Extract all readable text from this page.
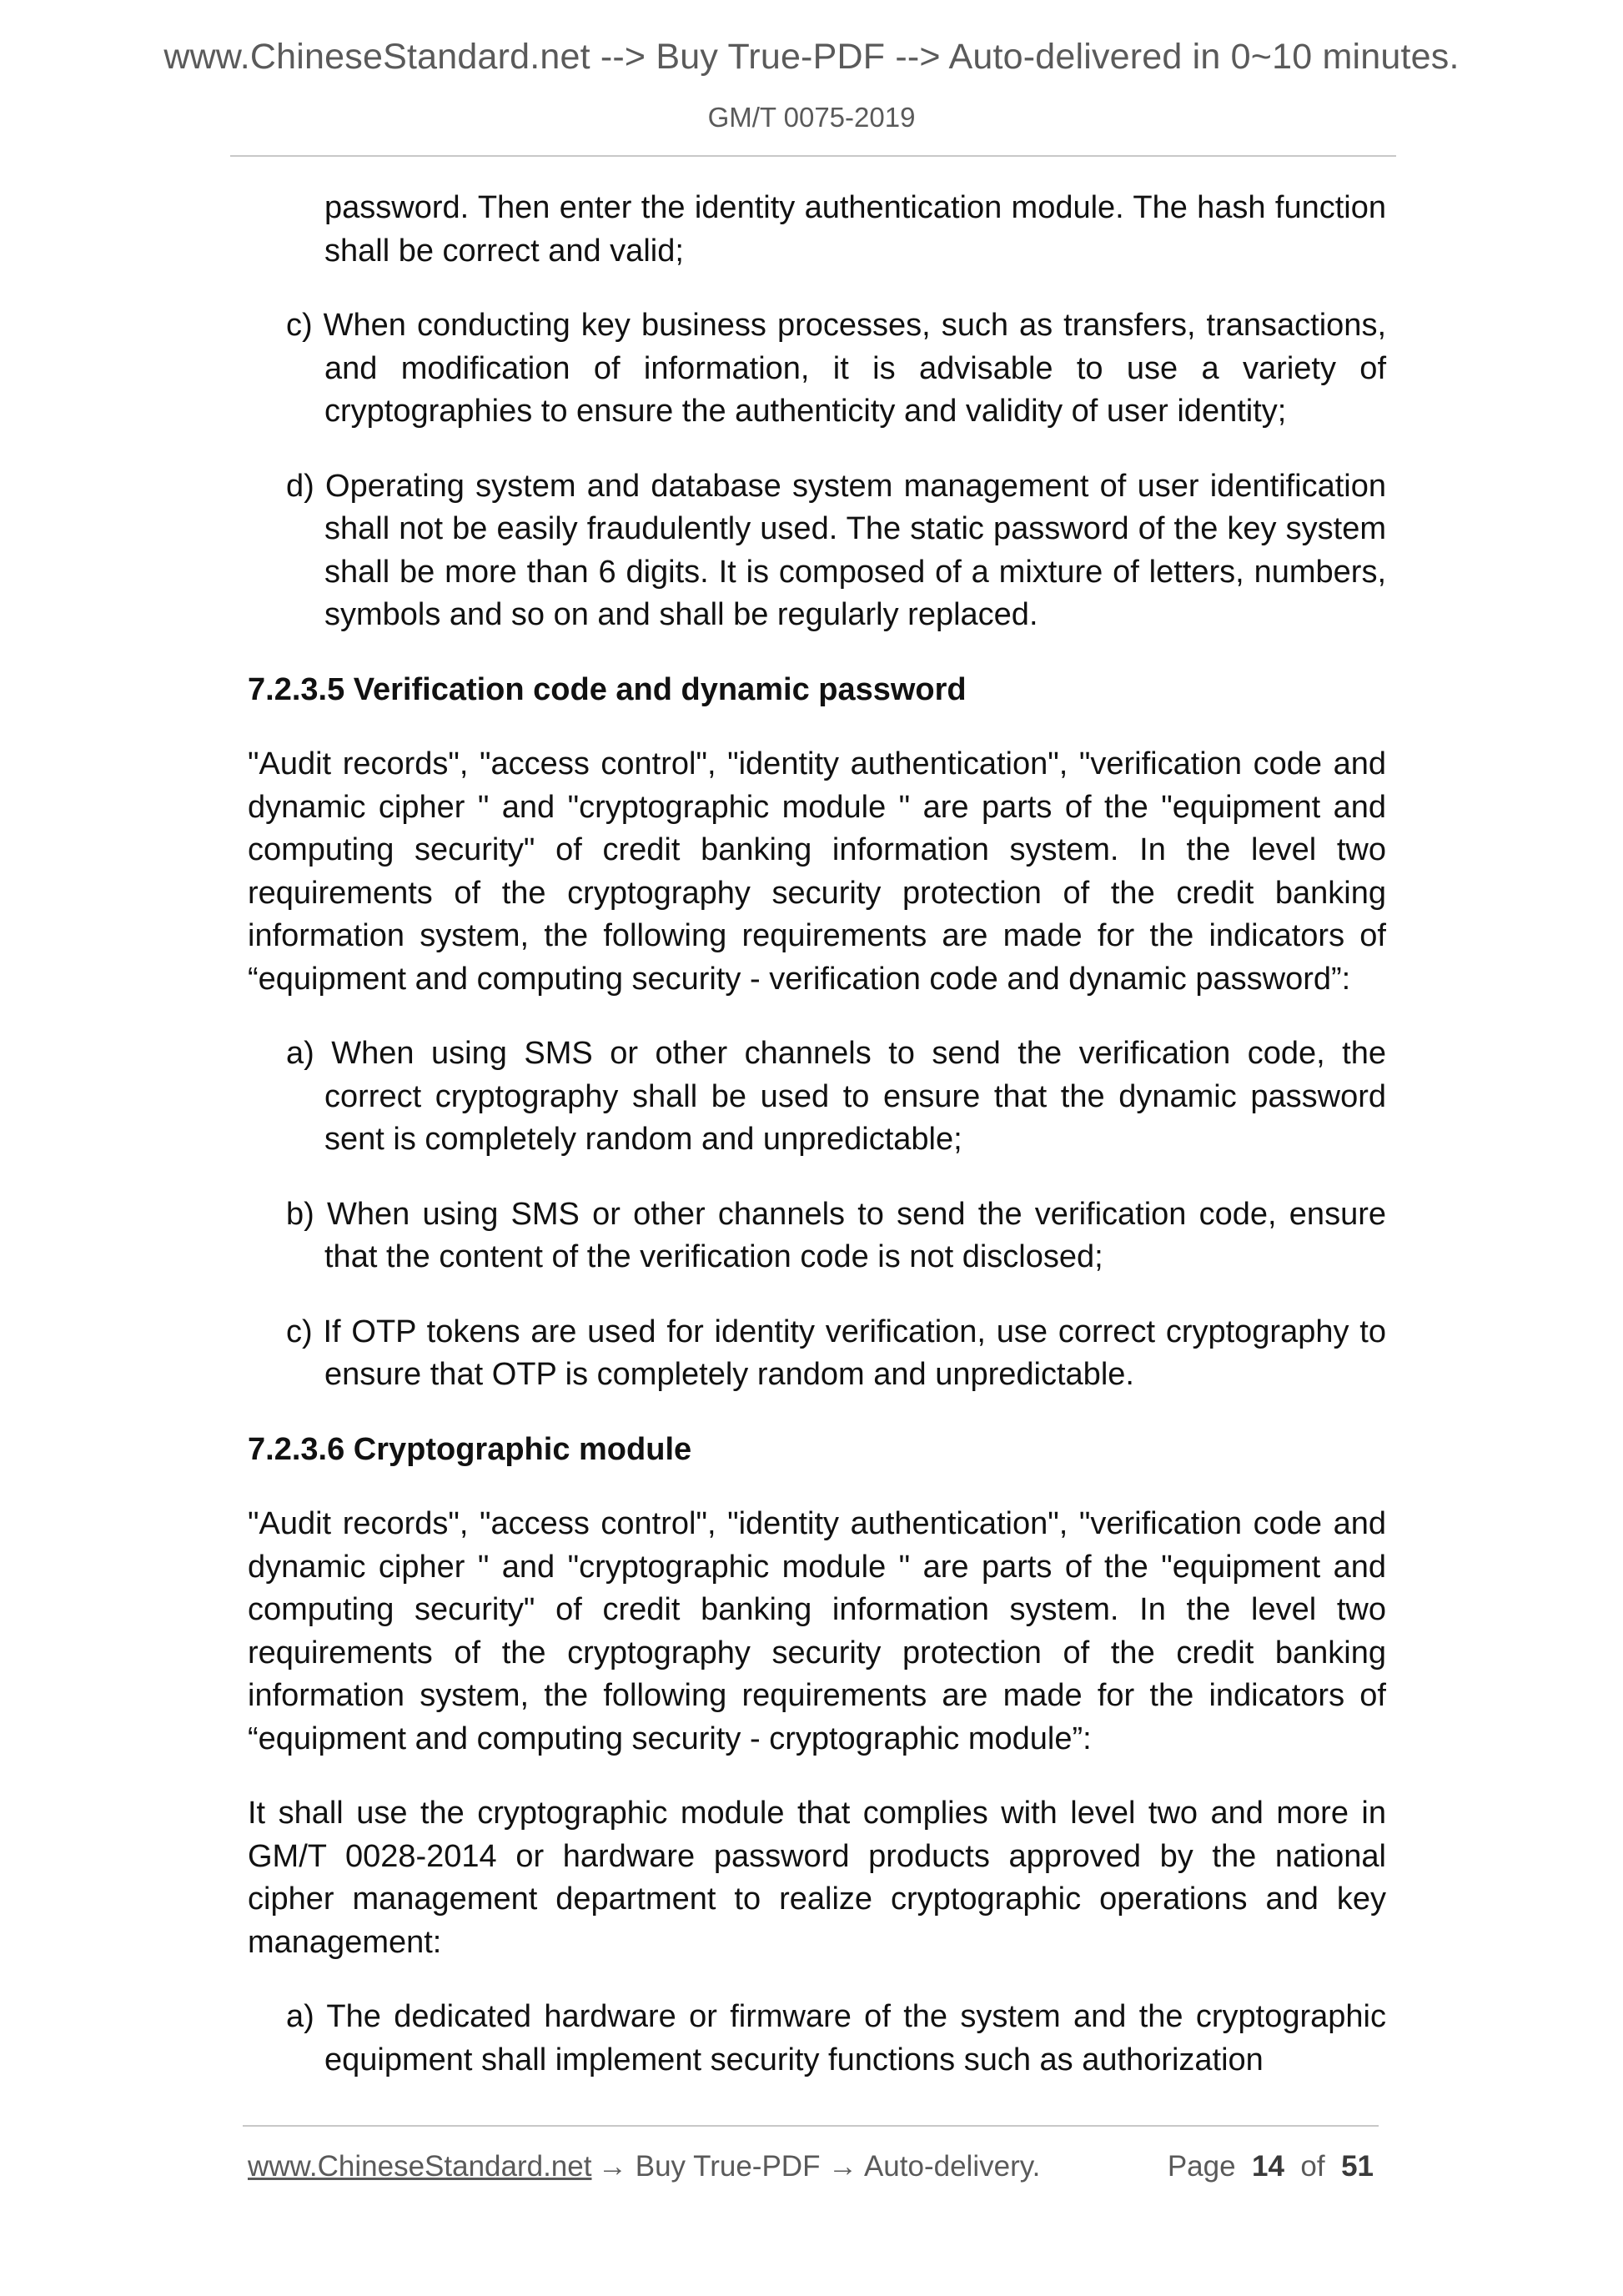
www.ChineseStandard.net --> Buy True-PDF --> Auto-delivered in 0~10 minutes.
GM/T 0075-2019

password. Then enter the identity authentication module. The hash function shall be correct and valid;

c) When conducting key business processes, such as transfers, transactions, and modification of information, it is advisable to use a variety of cryptographies to ensure the authenticity and validity of user identity;

d) Operating system and database system management of user identification shall not be easily fraudulently used. The static password of the key system shall be more than 6 digits. It is composed of a mixture of letters, numbers, symbols and so on and shall be regularly replaced.

7.2.3.5 Verification code and dynamic password

"Audit records", "access control", "identity authentication", "verification code and dynamic cipher " and "cryptographic module " are parts of the "equipment and computing security" of credit banking information system. In the level two requirements of the cryptography security protection of the credit banking information system, the following requirements are made for the indicators of “equipment and computing security - verification code and dynamic password”:

a) When using SMS or other channels to send the verification code, the correct cryptography shall be used to ensure that the dynamic password sent is completely random and unpredictable;

b) When using SMS or other channels to send the verification code, ensure that the content of the verification code is not disclosed;

c) If OTP tokens are used for identity verification, use correct cryptography to ensure that OTP is completely random and unpredictable.

7.2.3.6 Cryptographic module

"Audit records", "access control", "identity authentication", "verification code and dynamic cipher " and "cryptographic module " are parts of the "equipment and computing security" of credit banking information system. In the level two requirements of the cryptography security protection of the credit banking information system, the following requirements are made for the indicators of “equipment and computing security - cryptographic module”:

It shall use the cryptographic module that complies with level two and more in GM/T 0028-2014 or hardware password products approved by the national cipher management department to realize cryptographic operations and key management:

a) The dedicated hardware or firmware of the system and the cryptographic equipment shall implement security functions such as authorization

www.ChineseStandard.net → Buy True-PDF → Auto-delivery.	Page 14 of 51
